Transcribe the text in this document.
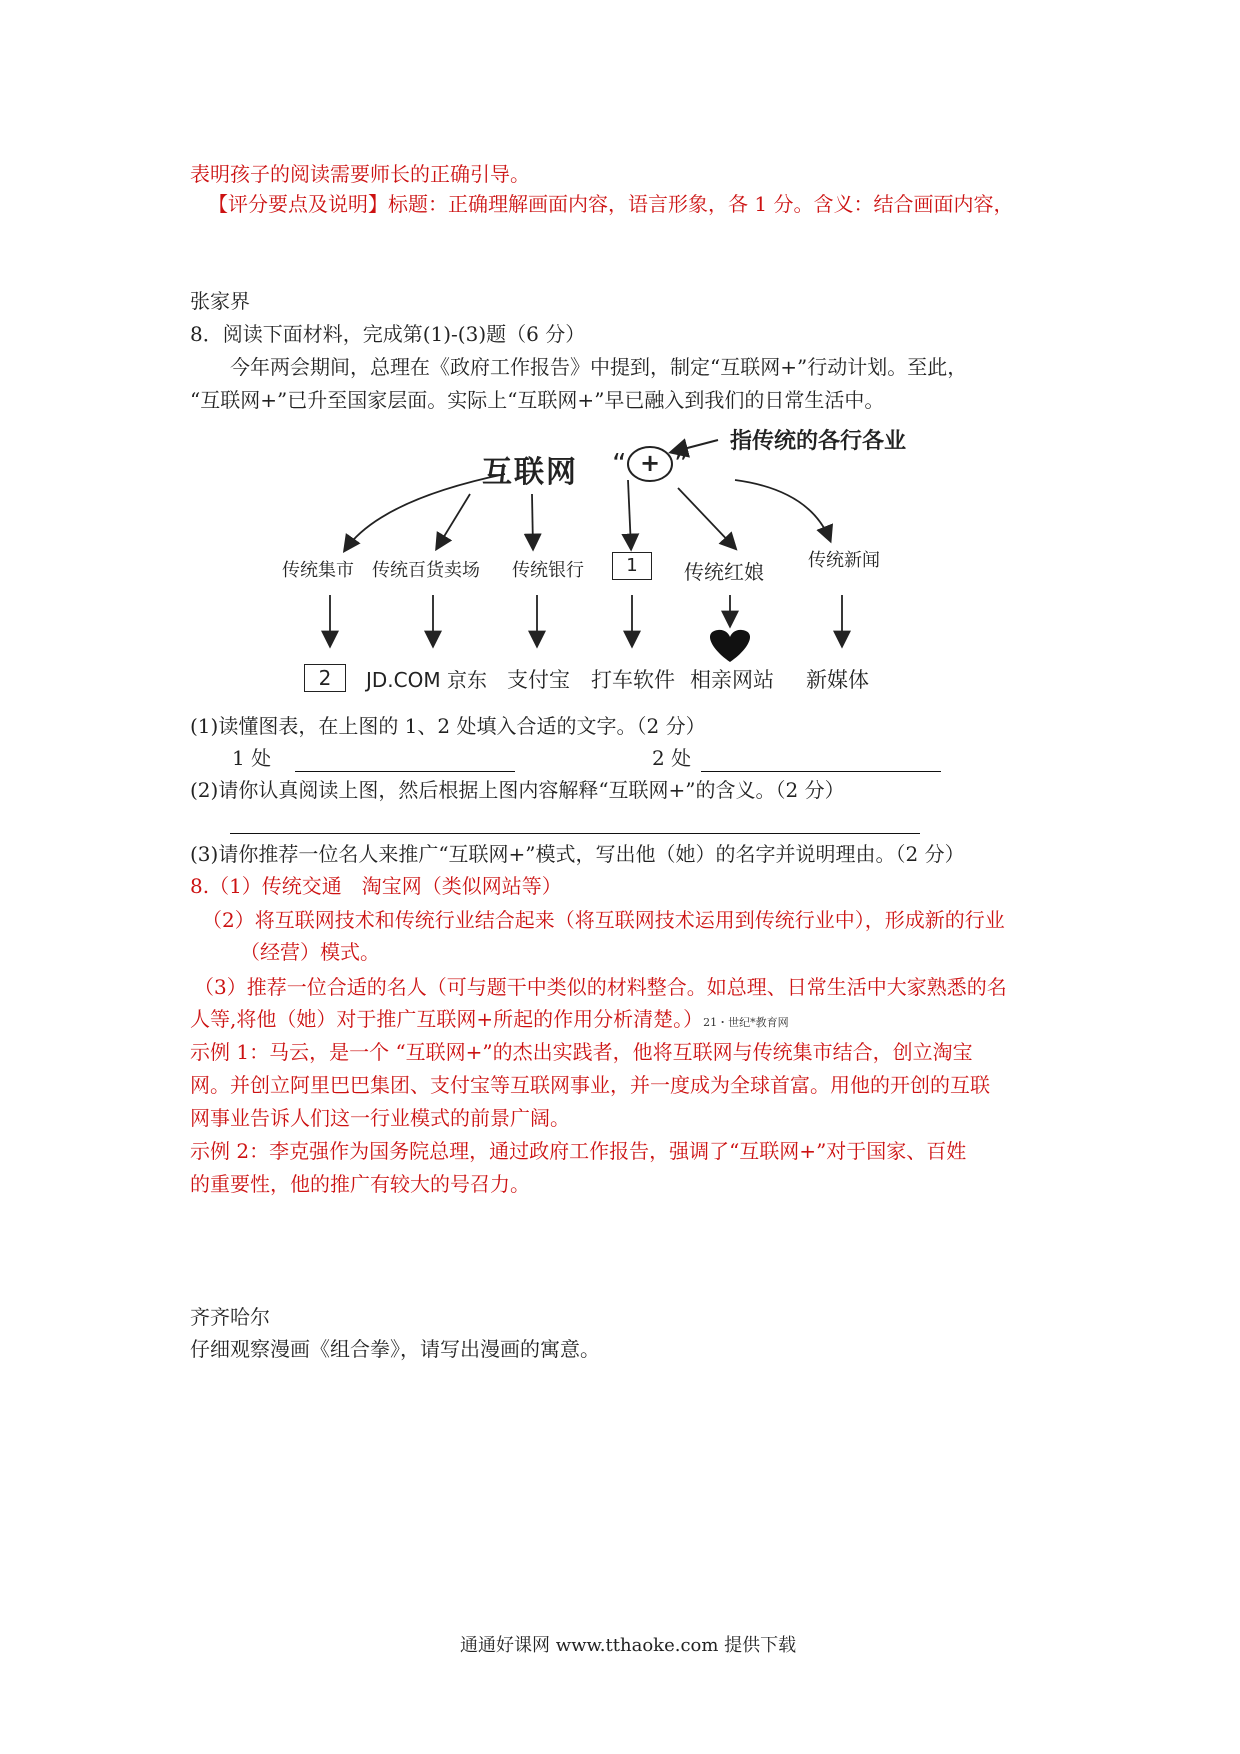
表明孩子的阅读需要师长的正确引导。
【评分要点及说明】标题：正确理解画面内容，语言形象，各 1 分。含义：结合画面内容，
张家界
8．阅读下面材料，完成第(1)-(3)题（6 分）
今年两会期间，总理在《政府工作报告》中提到，制定“互联网+”行动计划。至此，
“互联网+”已升至国家层面。实际上“互联网+”早已融入到我们的日常生活中。
互联网 “ + ”
指传统的各行各业
传统集市 传统百货卖场 传统银行	1	传统红娘 传统新闻
2	JD.COM 京东 支付宝 打车软件 相亲网站 新媒体
(1)读懂图表，在上图的 1、2 处填入合适的文字。（2 分）
1 处	2 处
(2)请你认真阅读上图，然后根据上图内容解释“互联网+”的含义。（2 分）
(3)请你推荐一位名人来推广“互联网+”模式，写出他（她）的名字并说明理由。（2 分）
8.（1）传统交通　淘宝网（类似网站等）
（2）将互联网技术和传统行业结合起来（将互联网技术运用到传统行业中），形成新的行业
（经营）模式。
（3）推荐一位合适的名人（可与题干中类似的材料整合。如总理、日常生活中大家熟悉的名
人等,将他（她）对于推广互联网+所起的作用分析清楚。）21・世纪*教育网
示例 1：马云，是一个 “互联网+”的杰出实践者，他将互联网与传统集市结合，创立淘宝
网。并创立阿里巴巴集团、支付宝等互联网事业，并一度成为全球首富。用他的开创的互联
网事业告诉人们这一行业模式的前景广阔。
示例 2：李克强作为国务院总理，通过政府工作报告，强调了“互联网+”对于国家、百姓
的重要性，他的推广有较大的号召力。
齐齐哈尔
仔细观察漫画《组合拳》，请写出漫画的寓意。
通通好课网 www.tthaoke.com 提供下载
